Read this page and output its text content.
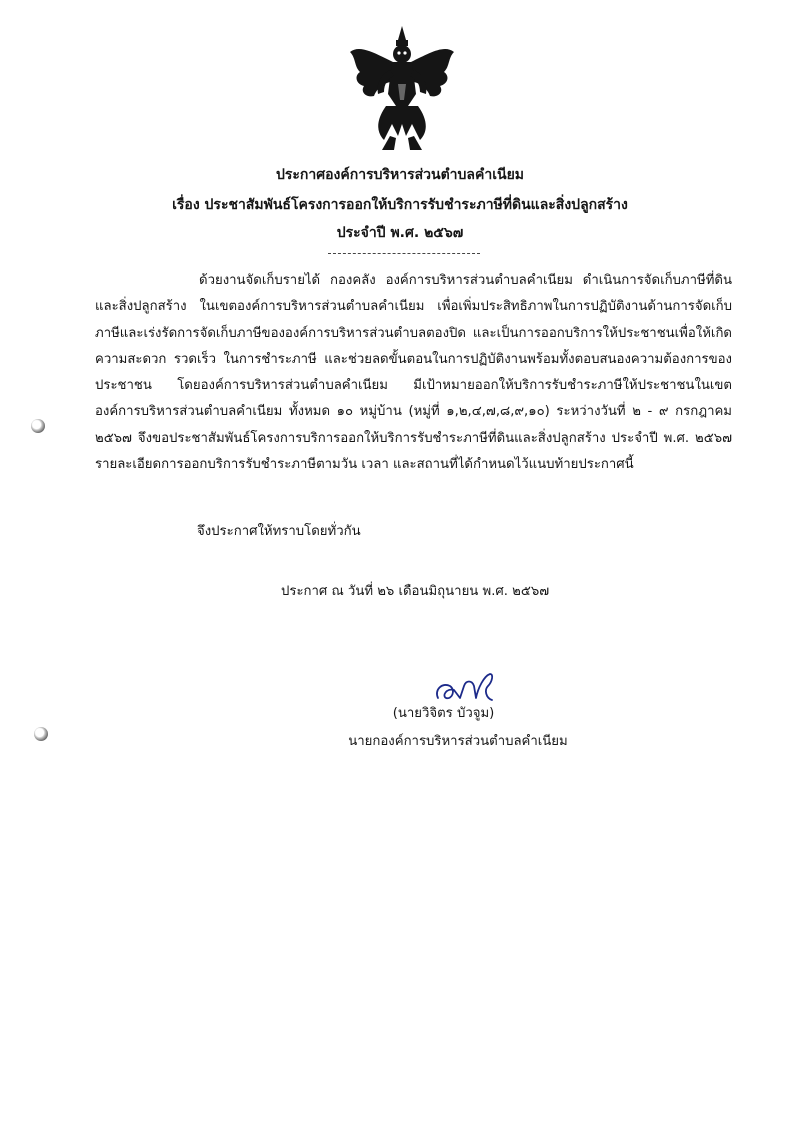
ประกาศองค์การบริหารส่วนตำบลคำเนียม
เรื่อง ประชาสัมพันธ์โครงการออกให้บริการรับชำระภาษีที่ดินและสิ่งปลูกสร้าง
ประจำปี พ.ศ. ๒๕๖๗

ด้วยงานจัดเก็บรายได้ กองคลัง องค์การบริหารส่วนตำบลคำเนียม ดำเนินการจัดเก็บภาษีที่ดินและสิ่งปลูกสร้าง ในเขตองค์การบริหารส่วนตำบลคำเนียม เพื่อเพิ่มประสิทธิภาพในการปฏิบัติงานด้านการจัดเก็บภาษีและเร่งรัดการจัดเก็บภาษีขององค์การบริหารส่วนตำบลตองปิด และเป็นการออกบริการให้ประชาชนเพื่อให้เกิดความสะดวก รวดเร็ว ในการชำระภาษี และช่วยลดขั้นตอนในการปฏิบัติงานพร้อมทั้งตอบสนองความต้องการของประชาชน โดยองค์การบริหารส่วนตำบลคำเนียม มีเป้าหมายออกให้บริการรับชำระภาษีให้ประชาชนในเขตองค์การบริหารส่วนตำบลคำเนียม ทั้งหมด ๑๐ หมู่บ้าน (หมู่ที่ ๑,๒,๔,๗,๘,๙,๑๐) ระหว่างวันที่ ๒ - ๙ กรกฎาคม ๒๕๖๗ จึงขอประชาสัมพันธ์โครงการบริการออกให้บริการรับชำระภาษีที่ดินและสิ่งปลูกสร้าง ประจำปี พ.ศ. ๒๕๖๗ รายละเอียดการออกบริการรับชำระภาษีตามวัน เวลา และสถานที่ได้กำหนดไว้แนบท้ายประกาศนี้

จึงประกาศให้ทราบโดยทั่วกัน
ประกาศ ณ วันที่ ๒๖ เดือนมิถุนายน พ.ศ. ๒๕๖๗
(นายวิจิตร บัวจูม)
นายกองค์การบริหารส่วนตำบลคำเนียม
